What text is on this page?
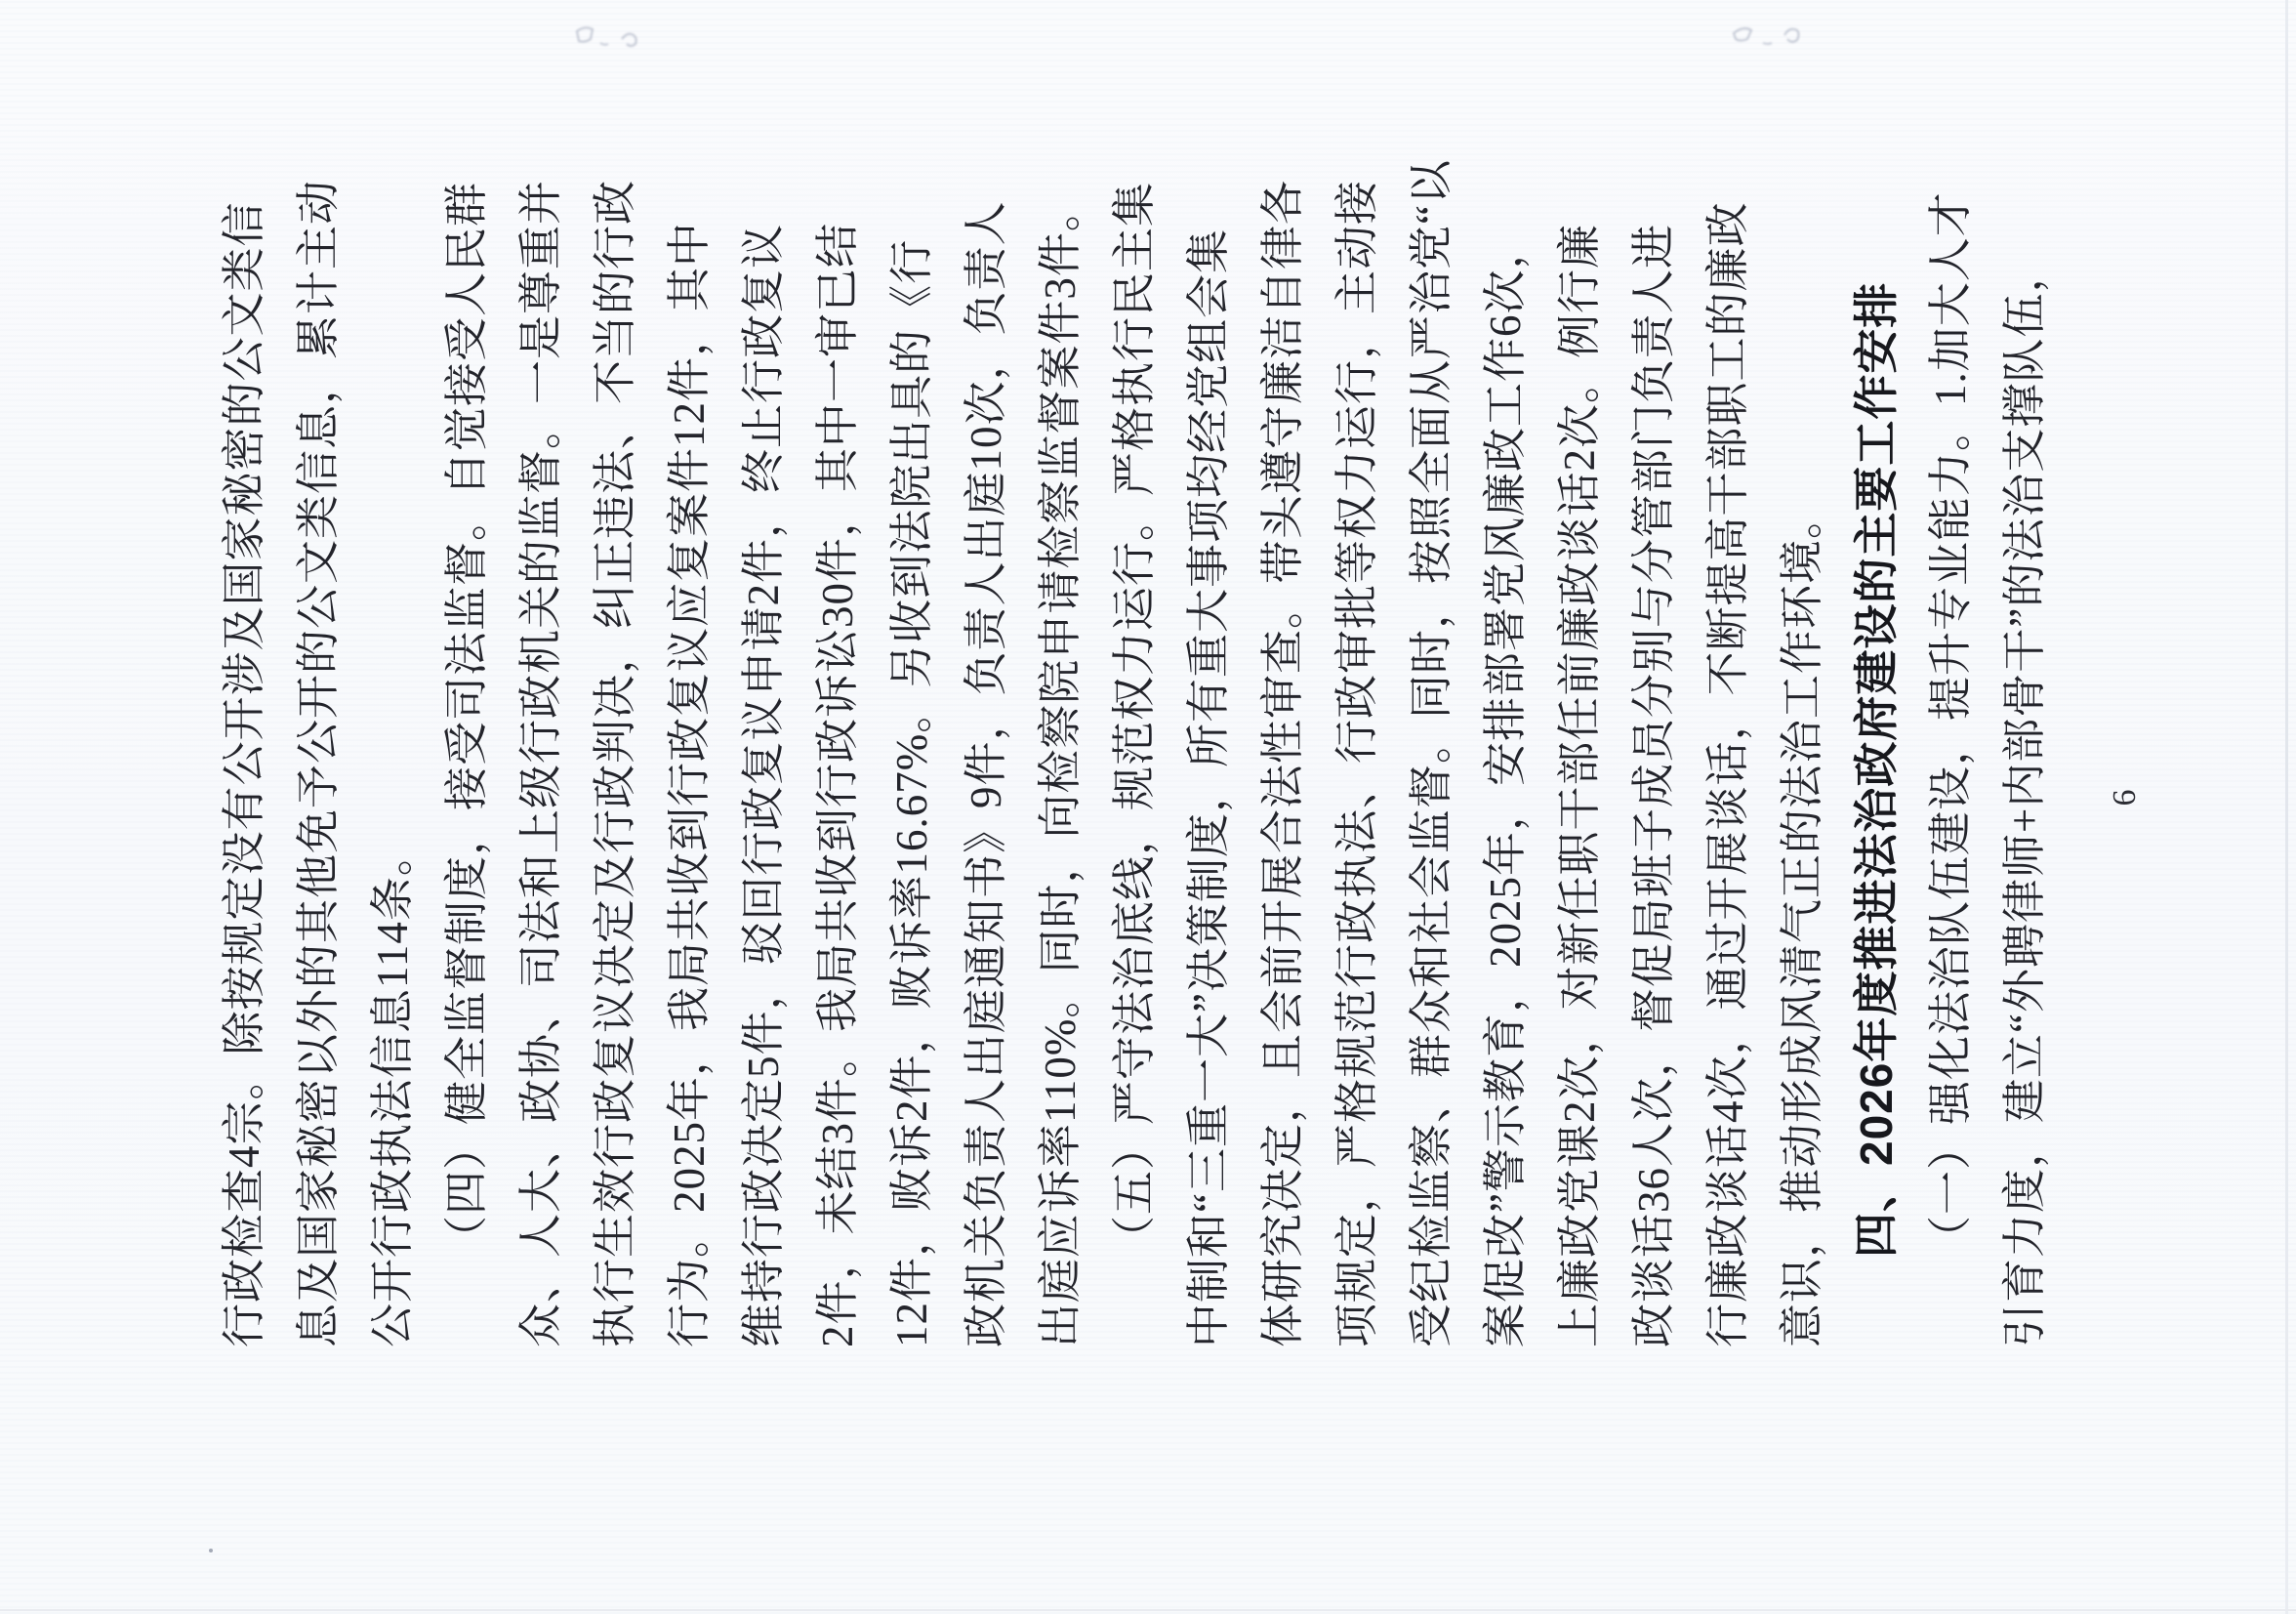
行政检查4宗。除按规定没有公开涉及国家秘密的公文类信 息及国家秘密以外的其他免予公开的公文类信息，累计主动 公开行政执法信息114条。 （四）健全监督制度，接受司法监督。自觉接受人民群 众、人大、政协、司法和上级行政机关的监督。一是尊重并 执行生效行政复议决定及行政判决，纠正违法、不当的行政 行为。2025年，我局共收到行政复议应复案件12件，其中 维持行政决定5件，驳回行政复议申请2件，终止行政复议 2件，未结3件。我局共收到行政诉讼30件，其中一审已结 12件，败诉2件，败诉率16.67%。另收到法院出具的《行 政机关负责人出庭通知书》9件，负责人出庭10次，负责人 出庭应诉率110%。同时，向检察院申请检察监督案件3件。 （五）严守法治底线，规范权力运行。严格执行民主集 中制和“三重一大”决策制度，所有重大事项均经党组会集 体研究决定，且会前开展合法性审查。带头遵守廉洁自律各 项规定，严格规范行政执法、行政审批等权力运行，主动接 受纪检监察、群众和社会监督。同时，按照全面从严治党“以 案促改”警示教育，2025年，安排部署党风廉政工作6次， 上廉政党课2次，对新任职干部任前廉政谈话2次。例行廉 政谈话36人次，督促局班子成员分别与分管部门负责人进 行廉政谈话4次，通过开展谈话，不断提高干部职工的廉政 意识，推动形成风清气正的法治工作环境。 四、2026年度推进法治政府建设的主要工作安排 （一）强化法治队伍建设，提升专业能力。1.加大人才 引育力度，建立“外聘律师+内部骨干”的法治支撑队伍，	6
